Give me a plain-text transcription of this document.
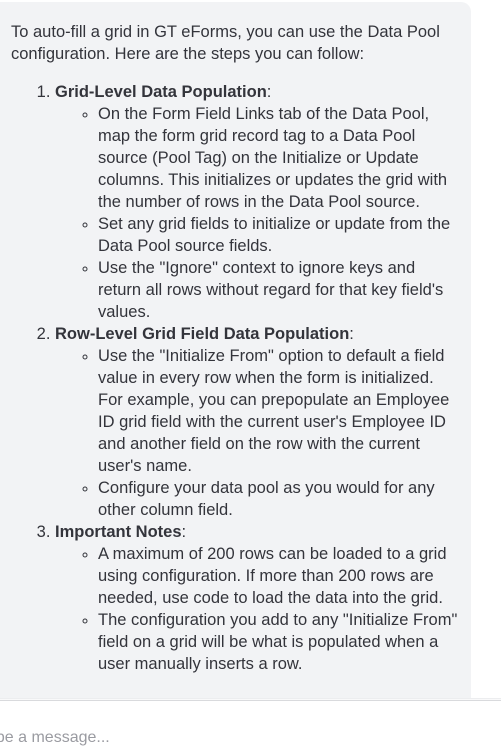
To auto-fill a grid in GT eForms, you can use the Data Pool configuration. Here are the steps you can follow:

1. Grid-Level Data Population:
◦ On the Form Field Links tab of the Data Pool, map the form grid record tag to a Data Pool source (Pool Tag) on the Initialize or Update columns. This initializes or updates the grid with the number of rows in the Data Pool source.
◦ Set any grid fields to initialize or update from the Data Pool source fields.
◦ Use the "Ignore" context to ignore keys and return all rows without regard for that key field's values.
2. Row-Level Grid Field Data Population:
◦ Use the "Initialize From" option to default a field value in every row when the form is initialized. For example, you can prepopulate an Employee ID grid field with the current user's Employee ID and another field on the row with the current user's name.
◦ Configure your data pool as you would for any other column field.
3. Important Notes:
◦ A maximum of 200 rows can be loaded to a grid using configuration. If more than 200 rows are needed, use code to load the data into the grid.
◦ The configuration you add to any "Initialize From" field on a grid will be what is populated when a user manually inserts a row.
Type a message...
